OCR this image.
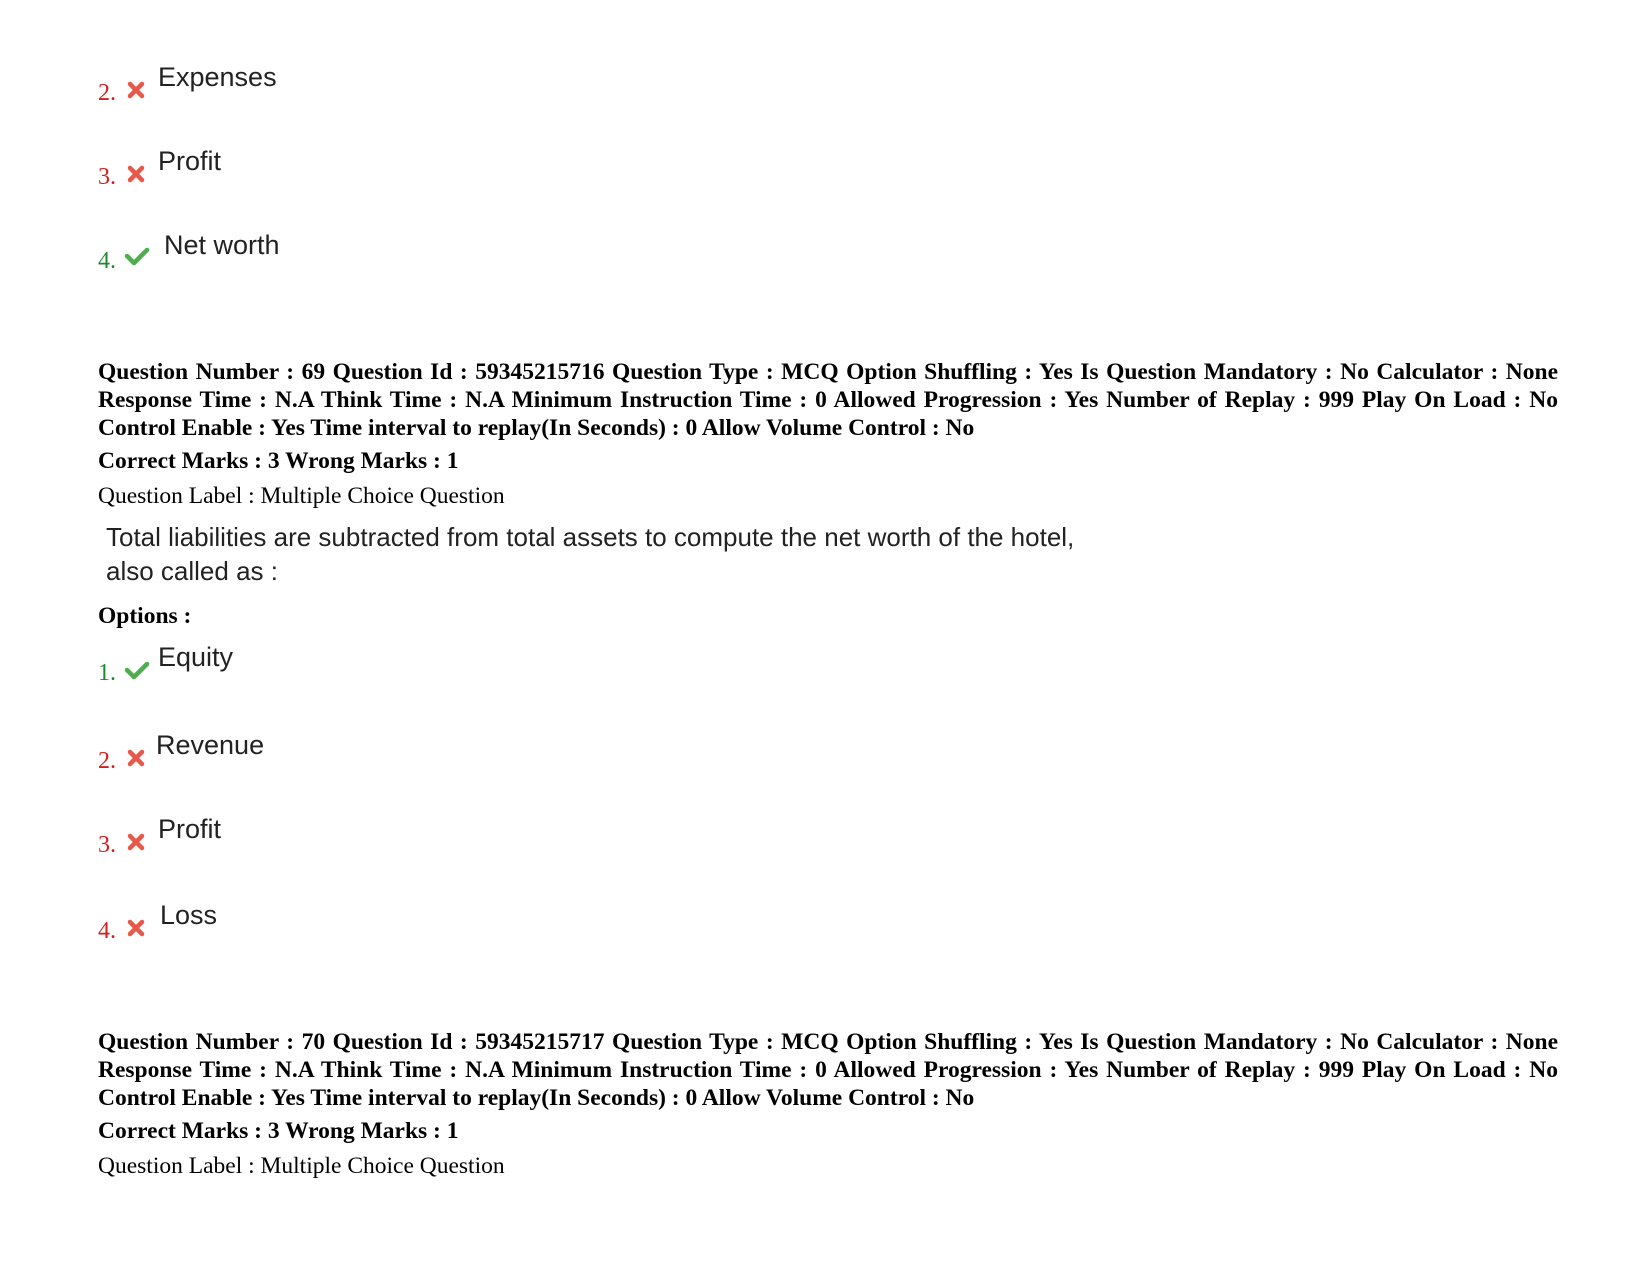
2.
Expenses
3.
Profit
4.
Net worth
Question Number : 69 Question Id : 59345215716 Question Type : MCQ Option Shuffling : Yes Is Question Mandatory : No Calculator : None Response Time : N.A Think Time : N.A Minimum Instruction Time : 0 Allowed Progression : Yes Number of Replay : 999 Play On Load : No Control Enable : Yes Time interval to replay(In Seconds) : 0 Allow Volume Control : No
Correct Marks : 3 Wrong Marks : 1
Question Label : Multiple Choice Question
Total liabilities are subtracted from total assets to compute the net worth of the hotel,
also called as :
Options :
1.
Equity
2.
Revenue
3.
Profit
4.
Loss
Question Number : 70 Question Id : 59345215717 Question Type : MCQ Option Shuffling : Yes Is Question Mandatory : No Calculator : None Response Time : N.A Think Time : N.A Minimum Instruction Time : 0 Allowed Progression : Yes Number of Replay : 999 Play On Load : No Control Enable : Yes Time interval to replay(In Seconds) : 0 Allow Volume Control : No
Correct Marks : 3 Wrong Marks : 1
Question Label : Multiple Choice Question
